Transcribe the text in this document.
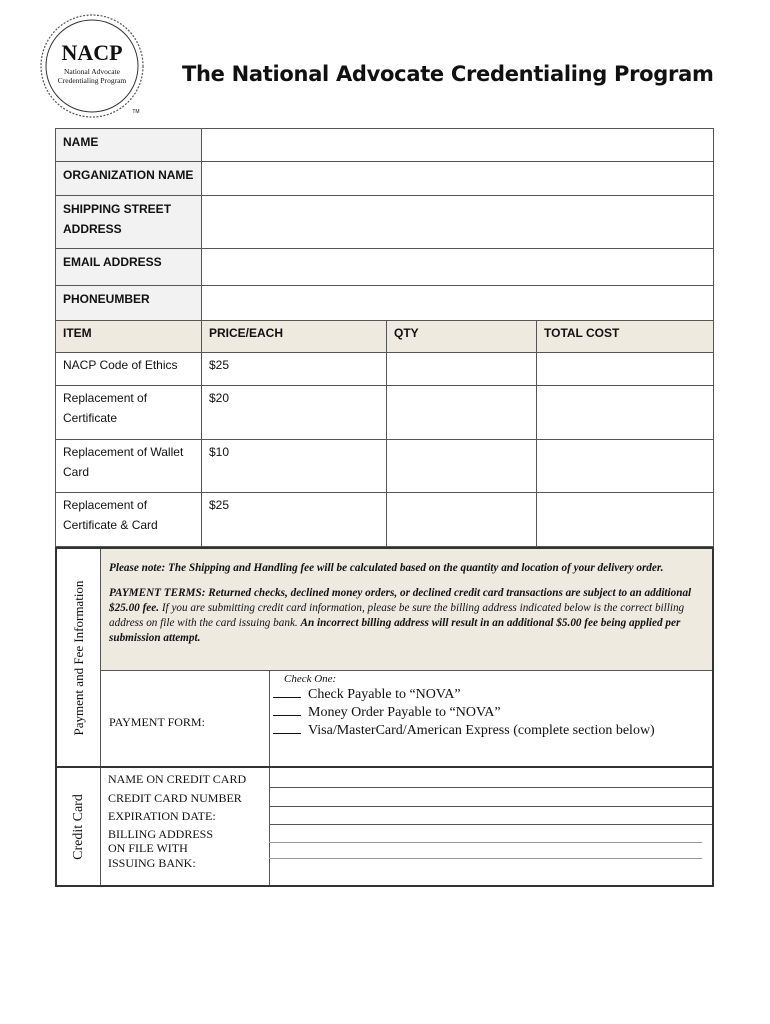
NACP
National Advocate
Credentialing Program
TM
The National Advocate Credentialing Program
NAME	
ORGANIZATION NAME	
SHIPPING STREET ADDRESS	
EMAIL ADDRESS	
PHONEUMBER	
ITEM	PRICE/EACH	QTY	TOTAL COST
NACP Code of Ethics	$25		
Replacement of Certificate	$20		
Replacement of Wallet Card	$10		
Replacement of Certificate & Card	$25		
Payment and Fee Information

Please note: The Shipping and Handling fee will be calculated based on the quantity and location of your delivery order.

PAYMENT TERMS: Returned checks, declined money orders, or declined credit card transactions are subject to an additional $25.00 fee. If you are submitting credit card information, please be sure the billing address indicated below is the correct billing address on file with the card issuing bank. An incorrect billing address will result in an additional $5.00 fee being applied per submission attempt.

PAYMENT FORM:
Check One:
Check Payable to “NOVA”
Money Order Payable to “NOVA”
Visa/MasterCard/American Express (complete section below)
Credit Card
NAME ON CREDIT CARD
CREDIT CARD NUMBER
EXPIRATION DATE:
BILLING ADDRESS
ON FILE WITH
ISSUING BANK:
